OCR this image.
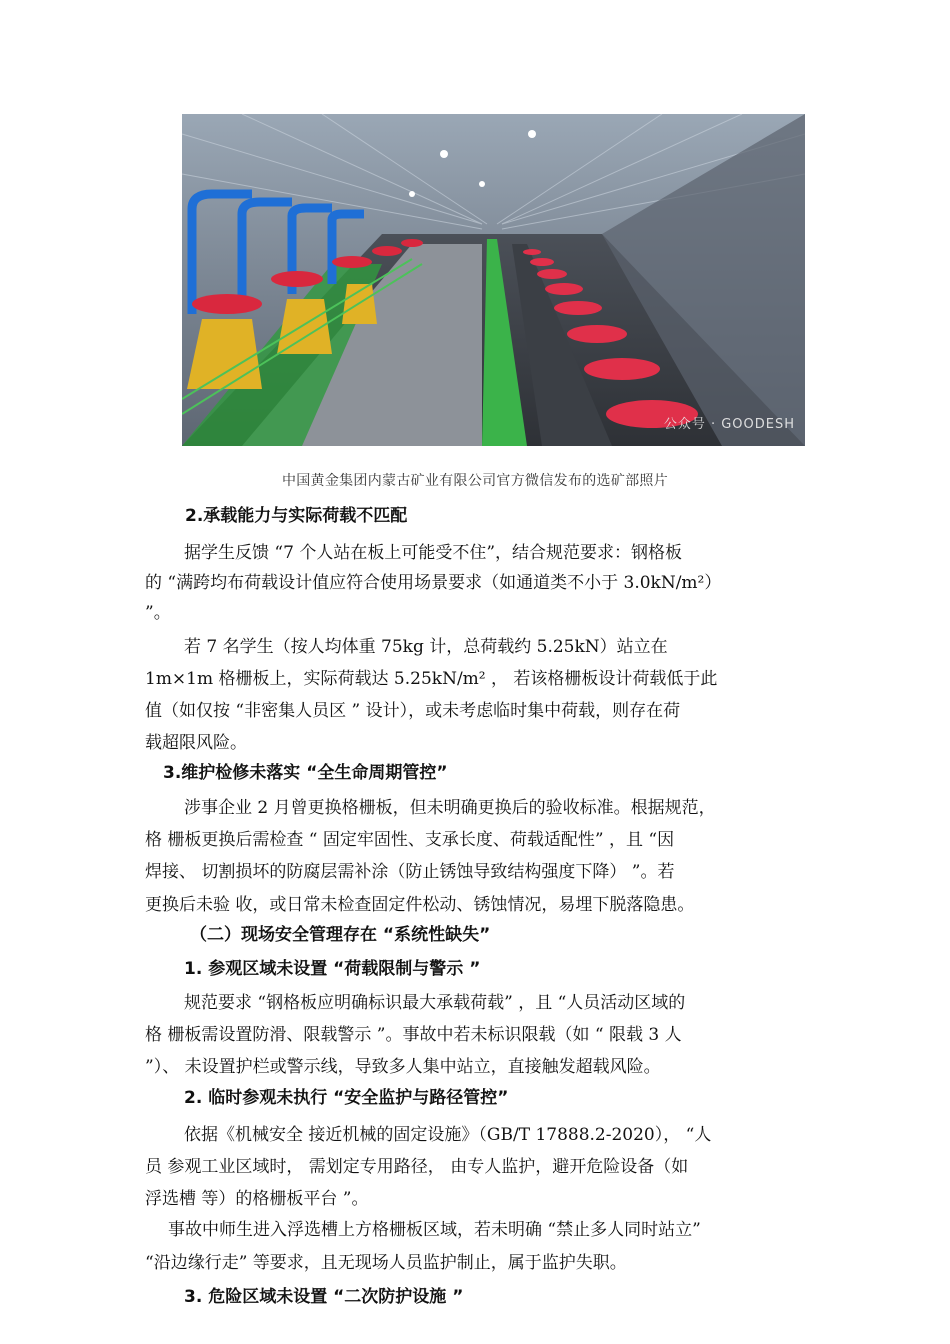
公众号 · GOODESH
中国黄金集团内蒙古矿业有限公司官方微信发布的选矿部照片
2.承载能力与实际荷载不匹配
据学生反馈 “7 个人站在板上可能受不住”，结合规范要求：钢格板
的 “满跨均布荷载设计值应符合使用场景要求（如通道类不小于 3.0kN/m²）
”。
若 7 名学生（按人均体重 75kg 计，总荷载约 5.25kN）站立在
1m×1m 格栅板上，实际荷载达 5.25kN/m² ， 若该格栅板设计荷载低于此
值（如仅按 “非密集人员区 ” 设计），或未考虑临时集中荷载，则存在荷
载超限风险。
3.维护检修未落实 “全生命周期管控”
涉事企业 2 月曾更换格栅板，但未明确更换后的验收标准。根据规范，
格 栅板更换后需检查 “ 固定牢固性、支承长度、荷载适配性” ，且 “因
焊接、 切割损坏的防腐层需补涂（防止锈蚀导致结构强度下降） ”。若
更换后未验 收，或日常未检查固定件松动、锈蚀情况，易埋下脱落隐患。
（二）现场安全管理存在 “系统性缺失”
1. 参观区域未设置 “荷载限制与警示 ”
规范要求 “钢格板应明确标识最大承载荷载” ，且 “人员活动区域的
格 栅板需设置防滑、限载警示 ”。事故中若未标识限载（如 “ 限载 3 人
”）、 未设置护栏或警示线，导致多人集中站立，直接触发超载风险。
2. 临时参观未执行 “安全监护与路径管控”
依据《机械安全 接近机械的固定设施》（GB/T 17888.2-2020）， “人
员 参观工业区域时， 需划定专用路径， 由专人监护，避开危险设备（如
浮选槽 等）的格栅板平台 ”。
事故中师生进入浮选槽上方格栅板区域，若未明确 “禁止多人同时站立”
“沿边缘行走” 等要求，且无现场人员监护制止，属于监护失职。
3. 危险区域未设置 “二次防护设施 ”
